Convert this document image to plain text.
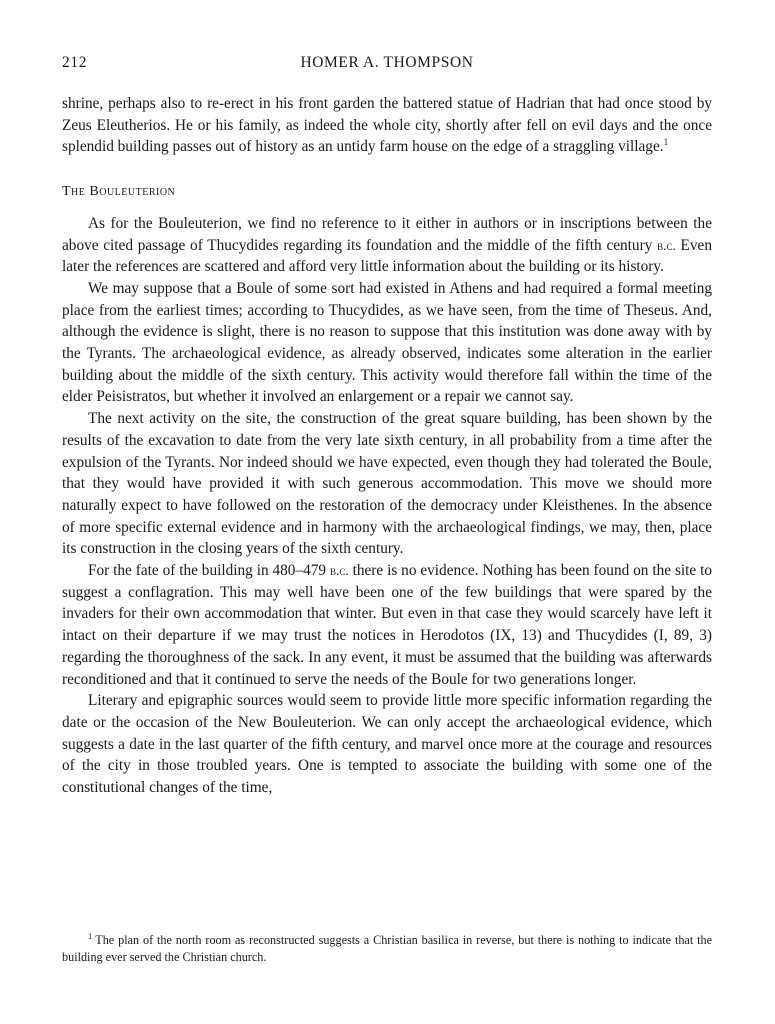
212	HOMER A. THOMPSON

shrine, perhaps also to re-erect in his front garden the battered statue of Hadrian that had once stood by Zeus Eleutherios. He or his family, as indeed the whole city, shortly after fell on evil days and the once splendid building passes out of history as an untidy farm house on the edge of a straggling village.$^1$

The Bouleuterion

As for the Bouleuterion, we find no reference to it either in authors or in inscriptions between the above cited passage of Thucydides regarding its foundation and the middle of the fifth century b.c. Even later the references are scattered and afford very little information about the building or its history.

We may suppose that a Boule of some sort had existed in Athens and had required a formal meeting place from the earliest times; according to Thucydides, as we have seen, from the time of Theseus. And, although the evidence is slight, there is no reason to suppose that this institution was done away with by the Tyrants. The archaeological evidence, as already observed, indicates some alteration in the earlier building about the middle of the sixth century. This activity would therefore fall within the time of the elder Peisistratos, but whether it involved an enlargement or a repair we cannot say.

The next activity on the site, the construction of the great square building, has been shown by the results of the excavation to date from the very late sixth century, in all probability from a time after the expulsion of the Tyrants. Nor indeed should we have expected, even though they had tolerated the Boule, that they would have provided it with such generous accommodation. This move we should more naturally expect to have followed on the restoration of the democracy under Kleisthenes. In the absence of more specific external evidence and in harmony with the archaeological findings, we may, then, place its construction in the closing years of the sixth century.

For the fate of the building in 480–479 b.c. there is no evidence. Nothing has been found on the site to suggest a conflagration. This may well have been one of the few buildings that were spared by the invaders for their own accommodation that winter. But even in that case they would scarcely have left it intact on their departure if we may trust the notices in Herodotos (IX, 13) and Thucydides (I, 89, 3) regarding the thoroughness of the sack. In any event, it must be assumed that the building was afterwards reconditioned and that it continued to serve the needs of the Boule for two generations longer.

Literary and epigraphic sources would seem to provide little more specific information regarding the date or the occasion of the New Bouleuterion. We can only accept the archaeological evidence, which suggests a date in the last quarter of the fifth century, and marvel once more at the courage and resources of the city in those troubled years. One is tempted to associate the building with some one of the constitutional changes of the time,

$^1$ The plan of the north room as reconstructed suggests a Christian basilica in reverse, but there is nothing to indicate that the building ever served the Christian church.
